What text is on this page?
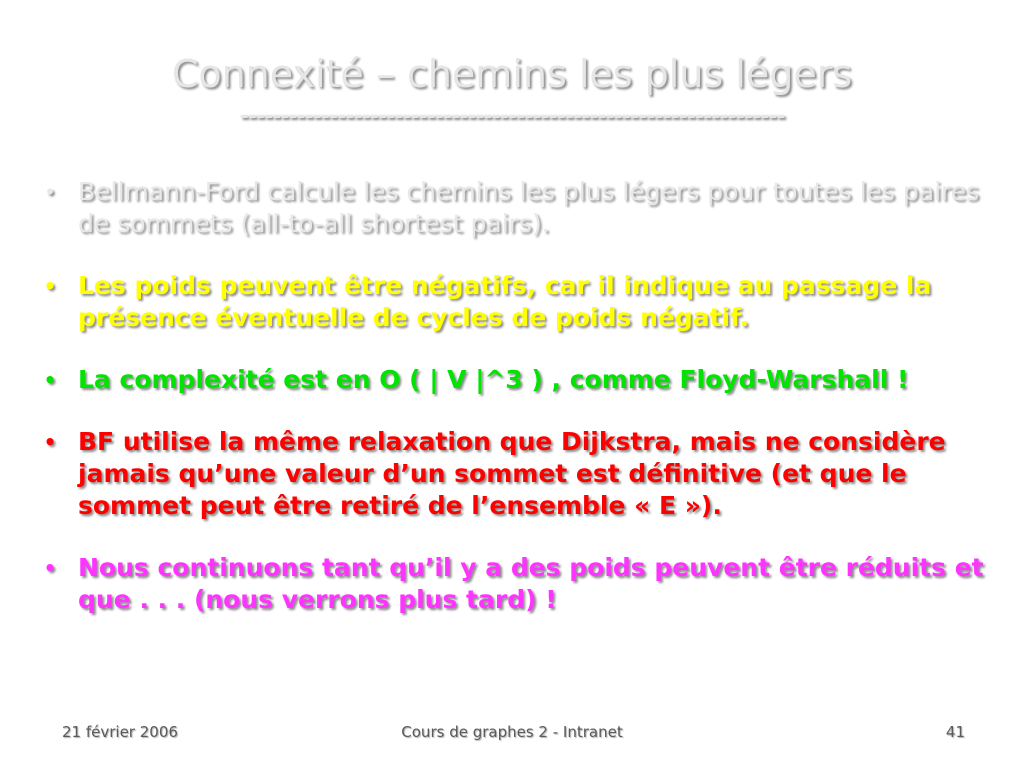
Connexité – chemins les plus légers
-------------------------------------------------------------------
• Bellmann-Ford calcule les chemins les plus légers pour toutes les paires de sommets (all-to-all shortest pairs).
• Les poids peuvent être négatifs, car il indique au passage la présence éventuelle de cycles de poids négatif.
• La complexité est en O ( | V |^3 ) , comme Floyd-Warshall !
• BF utilise la même relaxation que Dijkstra, mais ne considère jamais qu’une valeur d’un sommet est définitive (et que le sommet peut être retiré de l’ensemble « E »).
• Nous continuons tant qu’il y a des poids peuvent être réduits et que . . . (nous verrons plus tard) !
21 février 2006	Cours de graphes 2 - Intranet	41
